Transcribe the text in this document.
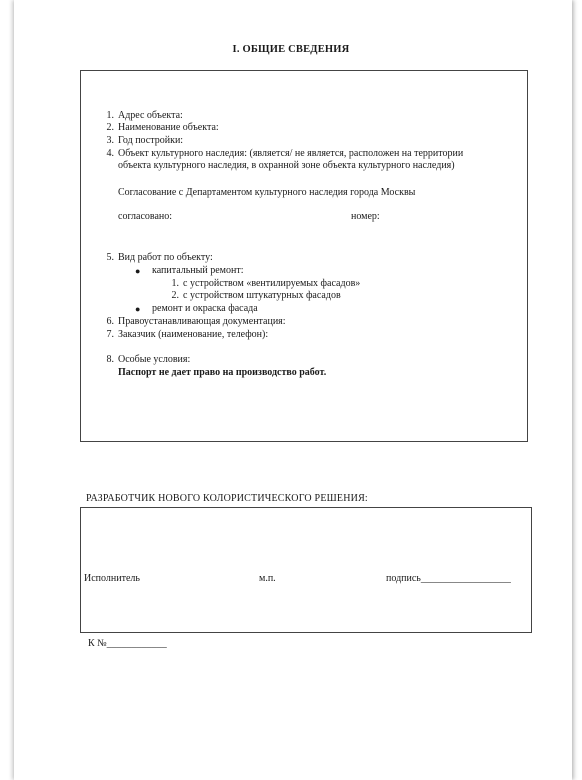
I. ОБЩИЕ СВЕДЕНИЯ
1. Адрес объекта:
2. Наименование объекта:
3. Год постройки:
4. Объект культурного наследия: (является/ не является, расположен на территории
объекта культурного наследия, в охранной зоне объекта культурного наследия)
Согласование с Департаментом культурного наследия города Москвы
согласовано:	номер:
5. Вид работ по объекту:
● капитальный ремонт:
1. с устройством «вентилируемых фасадов»
2. с устройством штукатурных фасадов
● ремонт и окраска фасада
6. Правоустанавливающая документация:
7. Заказчик (наименование, телефон):
8. Особые условия:
Паспорт не дает право на производство работ.
РАЗРАБОТЧИК НОВОГО КОЛОРИСТИЧЕСКОГО РЕШЕНИЯ:
Исполнитель	м.п.	подпись__________________
К №____________
